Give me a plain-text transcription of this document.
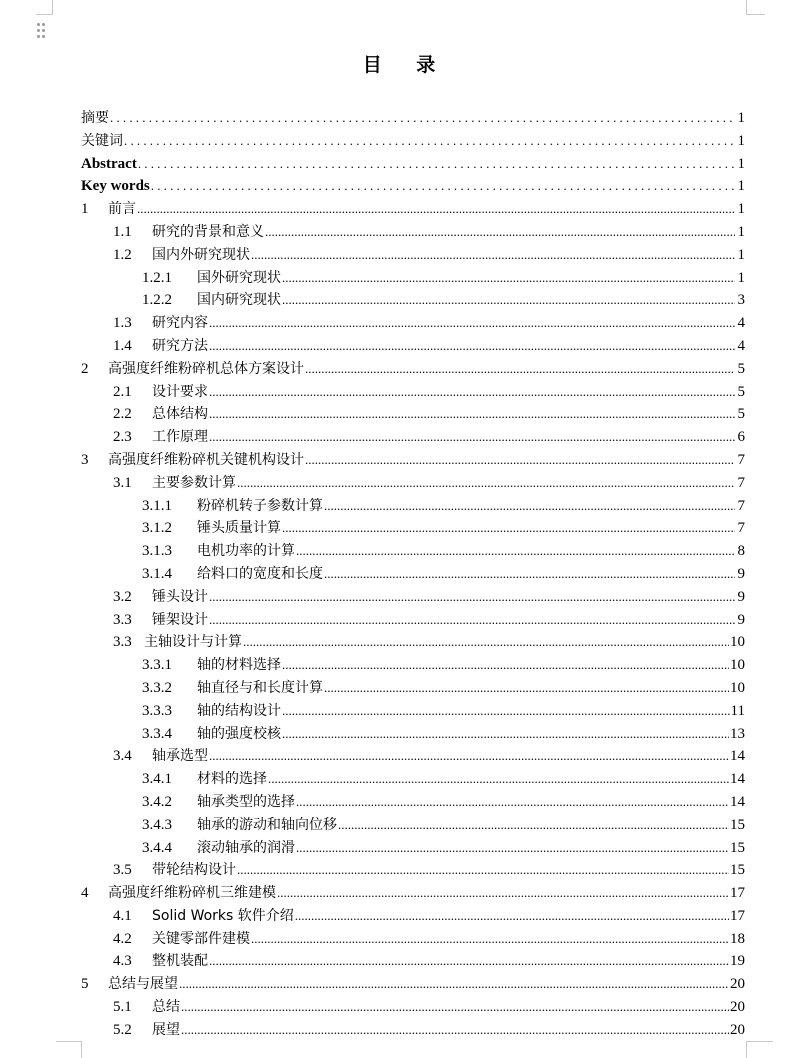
目 录
摘要 .....	1
关键词 .....	1
Abstract .....	1
Key words .....	1
1	前言 .....	1
1.1	研究的背景和意义 .....	1
1.2	国内外研究现状 .....	1
1.2.1	国外研究现状 .....	1
1.2.2	国内研究现状 .....	3
1.3	研究内容 .....	4
1.4	研究方法 .....	4
2	高强度纤维粉碎机总体方案设计 .....	5
2.1	设计要求 .....	5
2.2	总体结构 .....	5
2.3	工作原理 .....	6
3	高强度纤维粉碎机关键机构设计 .....	7
3.1	主要参数计算 .....	7
3.1.1	粉碎机转子参数计算 .....	7
3.1.2	锤头质量计算 .....	7
3.1.3	电机功率的计算 .....	8
3.1.4	给料口的宽度和长度 .....	9
3.2	锤头设计 .....	9
3.3	锤架设计 .....	9
3.3 主轴设计与计算 .....	10
3.3.1	轴的材料选择 .....	10
3.3.2	轴直径与和长度计算 .....	10
3.3.3	轴的结构设计 .....	11
3.3.4	轴的强度校核 .....	13
3.4	轴承选型 .....	14
3.4.1	材料的选择 .....	14
3.4.2	轴承类型的选择 .....	14
3.4.3	轴承的游动和轴向位移 .....	15
3.4.4	滚动轴承的润滑 .....	15
3.5	带轮结构设计 .....	15
4	高强度纤维粉碎机三维建模 .....	17
4.1	Solid Works 软件介绍 .....	17
4.2	关键零部件建模 .....	18
4.3	整机装配 .....	19
5	总结与展望 .....	20
5.1	总结 .....	20
5.2	展望 .....	20
